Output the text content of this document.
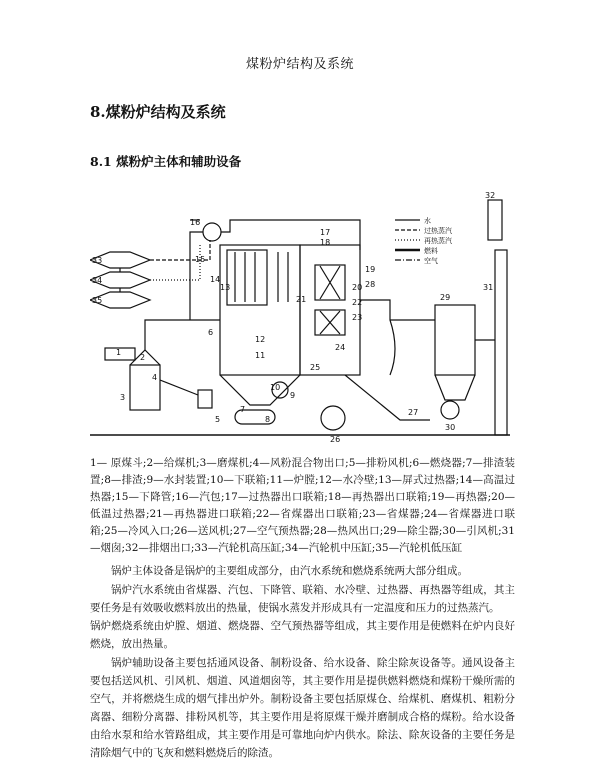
煤粉炉结构及系统
8.煤粉炉结构及系统
8.1 煤粉炉主体和辅助设备
水
过热蒸汽
再热蒸汽
燃料
空气
1
2
3
4
5
6
7
8
9
10
11
12
13
14
15
16
17
18
19
20
21	22
23
24
25
26
27
28
29
30
31
32
33
34
35
1— 原煤斗;2—给煤机;3—磨煤机;4—风粉混合物出口;5—排粉风机;6—燃烧器;7—排渣装置;8—排渣;9—水封装置;10—下联箱;11—炉膛;12—水冷壁;13—屏式过热器;14—高温过热器;15—下降管;16—汽包;17—过热器出口联箱;18—再热器出口联箱;19—再热器;20—低温过热器;21—再热器进口联箱;22—省煤器出口联箱;23—省煤器;24—省煤器进口联箱;25—冷风入口;26—送风机;27—空气预热器;28—热风出口;29—除尘器;30—引风机;31—烟囱;32—排烟出口;33—汽轮机高压缸;34—汽轮机中压缸;35—汽轮机低压缸

锅炉主体设备是锅炉的主要组成部分，由汽水系统和燃烧系统两大部分组成。

锅炉汽水系统由省煤器、汽包、下降管、联箱、水冷壁、过热器、再热器等组成，其主要任务是有效吸收燃料放出的热量，使锅水蒸发并形成具有一定温度和压力的过热蒸汽。

锅炉燃烧系统由炉膛、烟道、燃烧器、空气预热器等组成，其主要作用是使燃料在炉内良好燃烧，放出热量。

锅炉辅助设备主要包括通风设备、制粉设备、给水设备、除尘除灰设备等。通风设备主要包括送风机、引风机、烟道、风道烟囱等，其主要作用是提供燃料燃烧和煤粉干燥所需的空气，并将燃烧生成的烟气排出炉外。制粉设备主要包括原煤仓、给煤机、磨煤机、粗粉分离器、细粉分离器、排粉风机等，其主要作用是将原煤干燥并磨制成合格的煤粉。给水设备由给水泵和给水管路组成，其主要作用是可靠地向炉内供水。除法、除灰设备的主要任务是清除烟气中的飞灰和燃料燃烧后的除渣。
